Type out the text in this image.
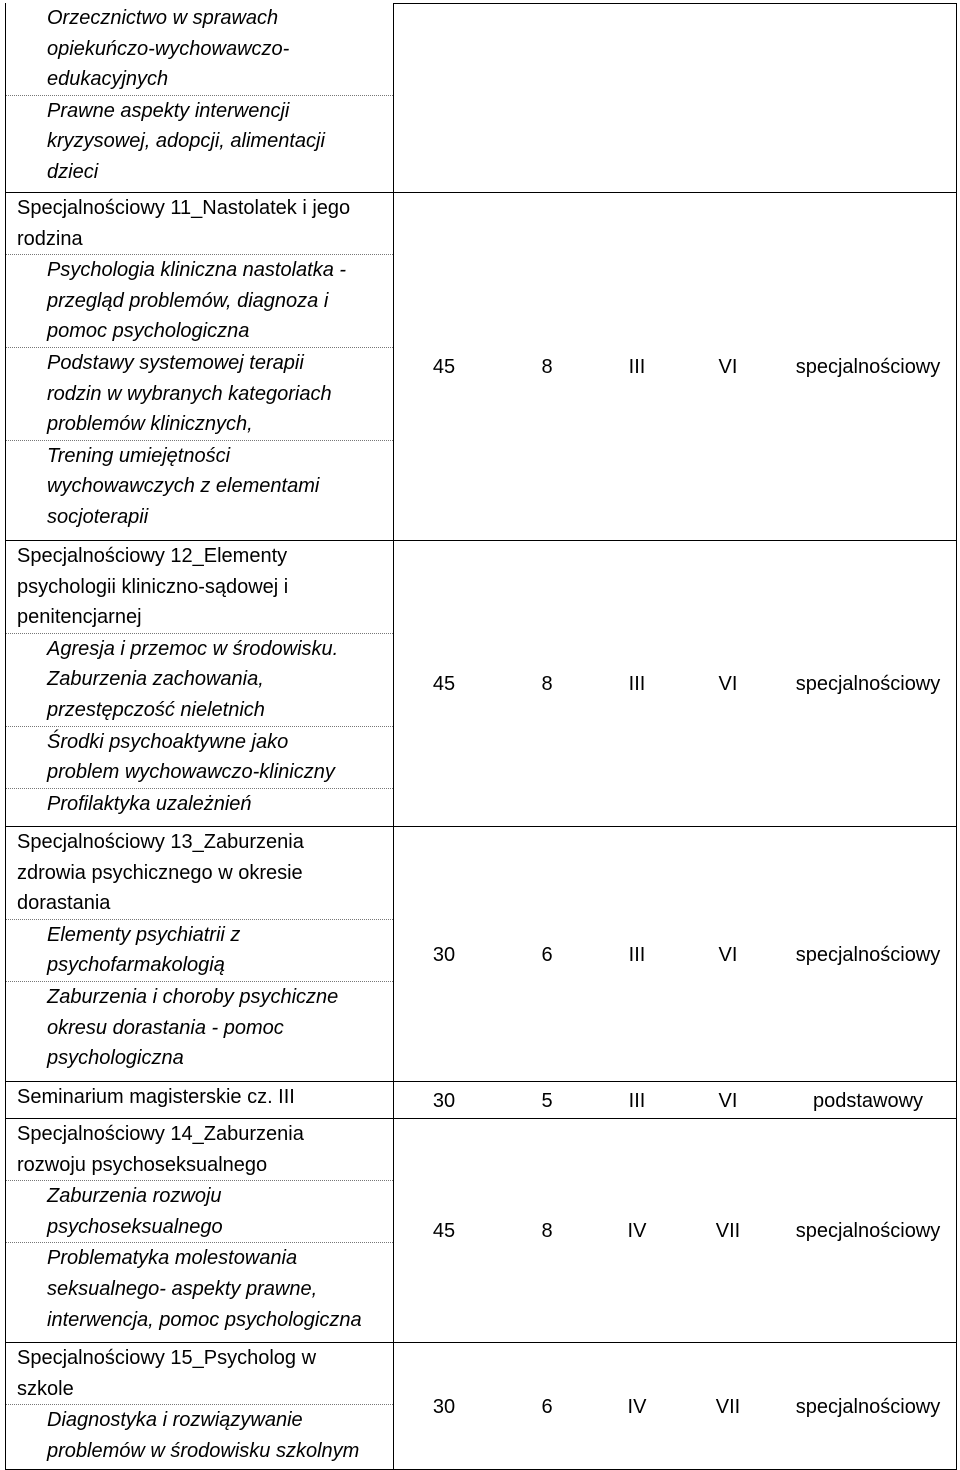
Orzecznictwo w sprawach
opiekuńczo-wychowawczo-
edukacyjnych
Prawne aspekty interwencji
kryzysowej, adopcji, alimentacji
dzieci
Specjalnościowy 11_Nastolatek i jego
rodzina
Psychologia kliniczna nastolatka -
przegląd problemów, diagnoza i
pomoc psychologiczna
Podstawy systemowej terapii
rodzin w wybranych kategoriach
problemów klinicznych,
Trening umiejętności
wychowawczych z elementami
socjoterapii
45	8	III	VI	specjalnościowy
Specjalnościowy 12_Elementy
psychologii kliniczno-sądowej i
penitencjarnej
Agresja i przemoc w środowisku.
Zaburzenia zachowania,
przestępczość nieletnich
Środki psychoaktywne jako
problem wychowawczo-kliniczny
Profilaktyka uzależnień
45	8	III	VI	specjalnościowy
Specjalnościowy 13_Zaburzenia
zdrowia psychicznego w okresie
dorastania
Elementy psychiatrii z
psychofarmakologią
Zaburzenia i choroby psychiczne
okresu dorastania - pomoc
psychologiczna
30	6	III	VI	specjalnościowy
Seminarium magisterskie cz. III	30	5	III	VI	podstawowy
Specjalnościowy 14_Zaburzenia
rozwoju psychoseksualnego
Zaburzenia rozwoju
psychoseksualnego
Problematyka molestowania
seksualnego- aspekty prawne,
interwencja, pomoc psychologiczna
45	8	IV	VII	specjalnościowy
Specjalnościowy 15_Psycholog w
szkole
Diagnostyka i rozwiązywanie
problemów w środowisku szkolnym
30	6	IV	VII	specjalnościowy
